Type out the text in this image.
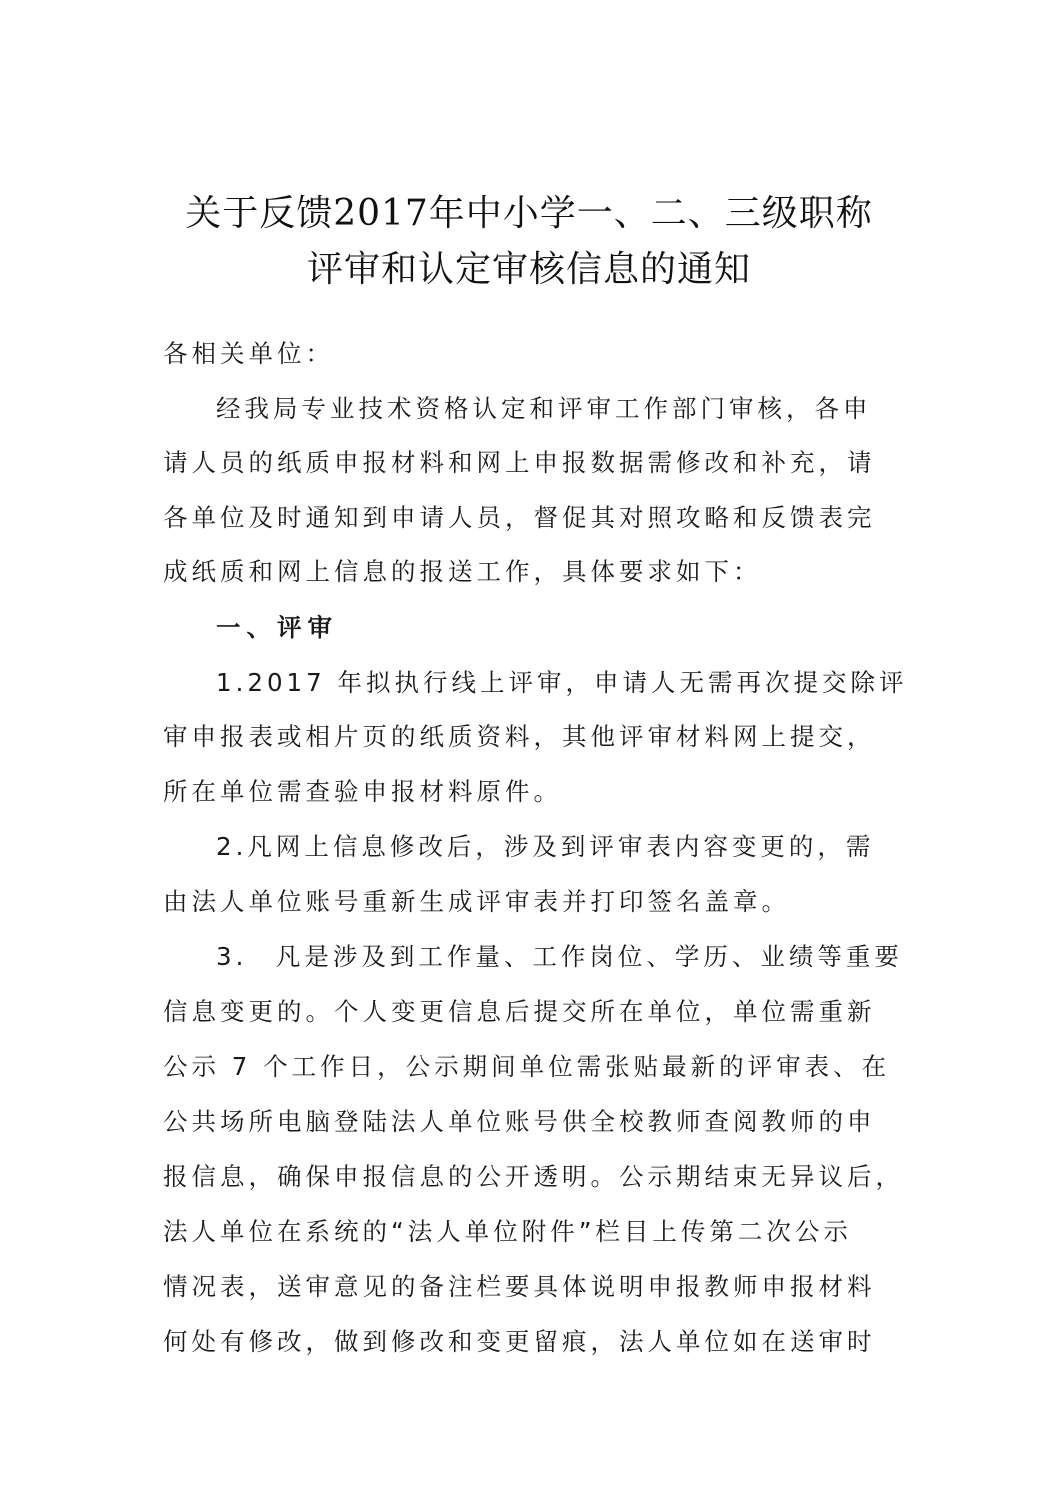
关于反馈2017年中小学一、二、三级职称
评审和认定审核信息的通知

各相关单位：

经我局专业技术资格认定和评审工作部门审核，各申

请人员的纸质申报材料和网上申报数据需修改和补充，请

各单位及时通知到申请人员，督促其对照攻略和反馈表完

成纸质和网上信息的报送工作，具体要求如下：

一、评审

1.2017 年拟执行线上评审，申请人无需再次提交除评

审申报表或相片页的纸质资料，其他评审材料网上提交，

所在单位需查验申报材料原件。

2.凡网上信息修改后，涉及到评审表内容变更的，需

由法人单位账号重新生成评审表并打印签名盖章。

3.　凡是涉及到工作量、工作岗位、学历、业绩等重要

信息变更的。个人变更信息后提交所在单位，单位需重新

公示 7 个工作日，公示期间单位需张贴最新的评审表、在

公共场所电脑登陆法人单位账号供全校教师查阅教师的申

报信息，确保申报信息的公开透明。公示期结束无异议后，

法人单位在系统的“法人单位附件”栏目上传第二次公示

情况表，送审意见的备注栏要具体说明申报教师申报材料

何处有修改，做到修改和变更留痕，法人单位如在送审时
